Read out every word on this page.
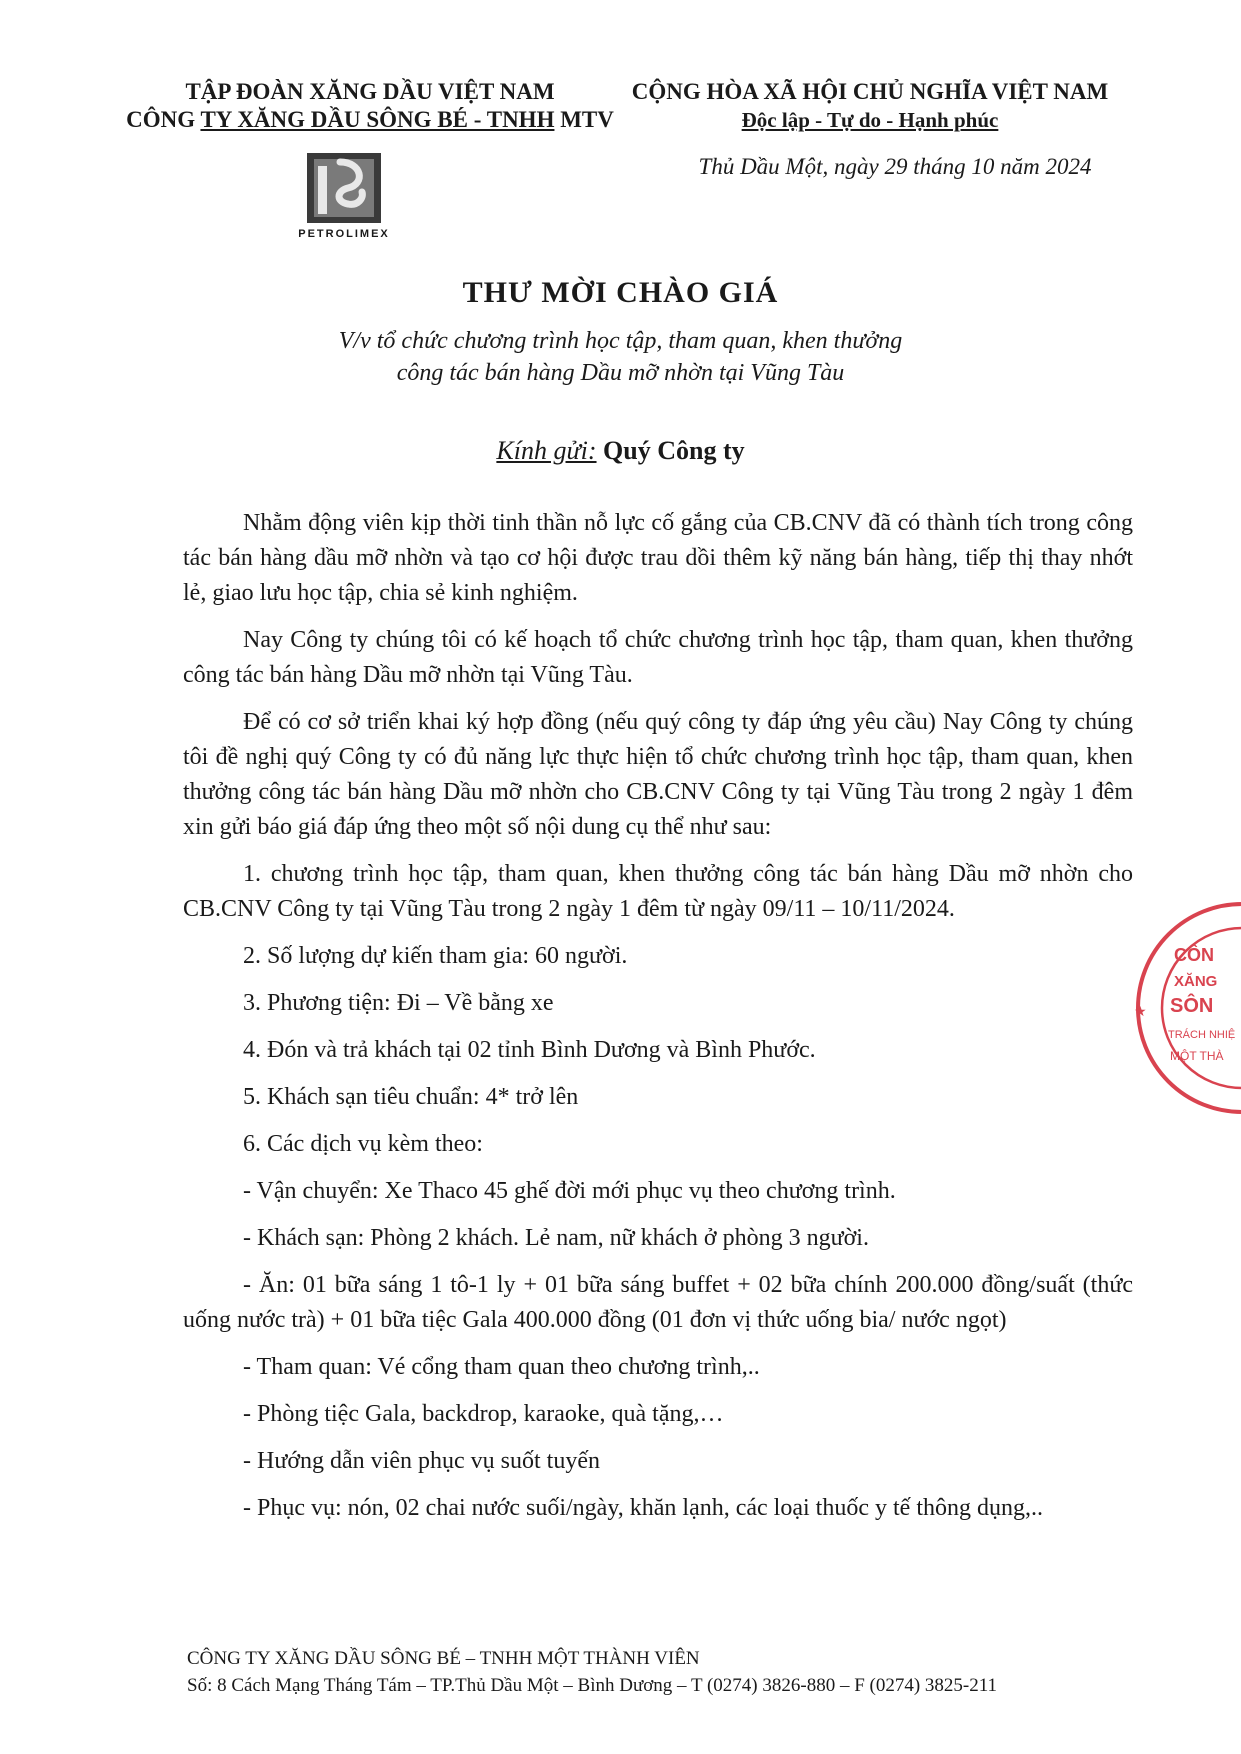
TẬP ĐOÀN XĂNG DẦU VIỆT NAM
CÔNG TY XĂNG DẦU SÔNG BÉ - TNHH MTV
CỘNG HÒA XÃ HỘI CHỦ NGHĨA VIỆT NAM
Độc lập - Tự do - Hạnh phúc
Thủ Dầu Một, ngày 29 tháng 10 năm 2024
PETROLIMEX
THƯ MỜI CHÀO GIÁ
V/v tổ chức chương trình học tập, tham quan, khen thưởng
công tác bán hàng Dầu mỡ nhờn tại Vũng Tàu
Kính gửi: Quý Công ty

Nhằm động viên kịp thời tinh thần nỗ lực cố gắng của CB.CNV đã có thành tích trong công tác bán hàng dầu mỡ nhờn và tạo cơ hội được trau dồi thêm kỹ năng bán hàng, tiếp thị thay nhớt lẻ, giao lưu học tập, chia sẻ kinh nghiệm.

Nay Công ty chúng tôi có kế hoạch tổ chức chương trình học tập, tham quan, khen thưởng công tác bán hàng Dầu mỡ nhờn tại Vũng Tàu.

Để có cơ sở triển khai ký hợp đồng (nếu quý công ty đáp ứng yêu cầu) Nay Công ty chúng tôi đề nghị quý Công ty có đủ năng lực thực hiện tổ chức chương trình học tập, tham quan, khen thưởng công tác bán hàng Dầu mỡ nhờn cho CB.CNV Công ty tại Vũng Tàu trong 2 ngày 1 đêm xin gửi báo giá đáp ứng theo một số nội dung cụ thể như sau:

1. chương trình học tập, tham quan, khen thưởng công tác bán hàng Dầu mỡ nhờn cho CB.CNV Công ty tại Vũng Tàu trong 2 ngày 1 đêm từ ngày 09/11 – 10/11/2024.

2. Số lượng dự kiến tham gia: 60 người.

3. Phương tiện: Đi – Về bằng xe

4. Đón và trả khách tại 02 tỉnh Bình Dương và Bình Phước.

5. Khách sạn tiêu chuẩn: 4* trở lên

6. Các dịch vụ kèm theo:

- Vận chuyển: Xe Thaco 45 ghế đời mới phục vụ theo chương trình.

- Khách sạn: Phòng 2 khách. Lẻ nam, nữ khách ở phòng 3 người.

- Ăn: 01 bữa sáng 1 tô-1 ly + 01 bữa sáng buffet + 02 bữa chính 200.000 đồng/suất (thức uống nước trà) + 01 bữa tiệc Gala 400.000 đồng (01 đơn vị thức uống bia/ nước ngọt)

- Tham quan: Vé cổng tham quan theo chương trình,..

- Phòng tiệc Gala, backdrop, karaoke, quà tặng,…

- Hướng dẫn viên phục vụ suốt tuyến

- Phục vụ: nón, 02 chai nước suối/ngày, khăn lạnh, các loại thuốc y tế thông dụng,..

CÔNG TY XĂNG DẦU SÔNG BÉ – TNHH MỘT THÀNH VIÊN
Số: 8 Cách Mạng Tháng Tám – TP.Thủ Dầu Một – Bình Dương – T (0274) 3826-880 – F (0274) 3825-211
CÔN
XĂNG
SÔN
TRÁCH NHIỆ
MỘT THÀ
★
